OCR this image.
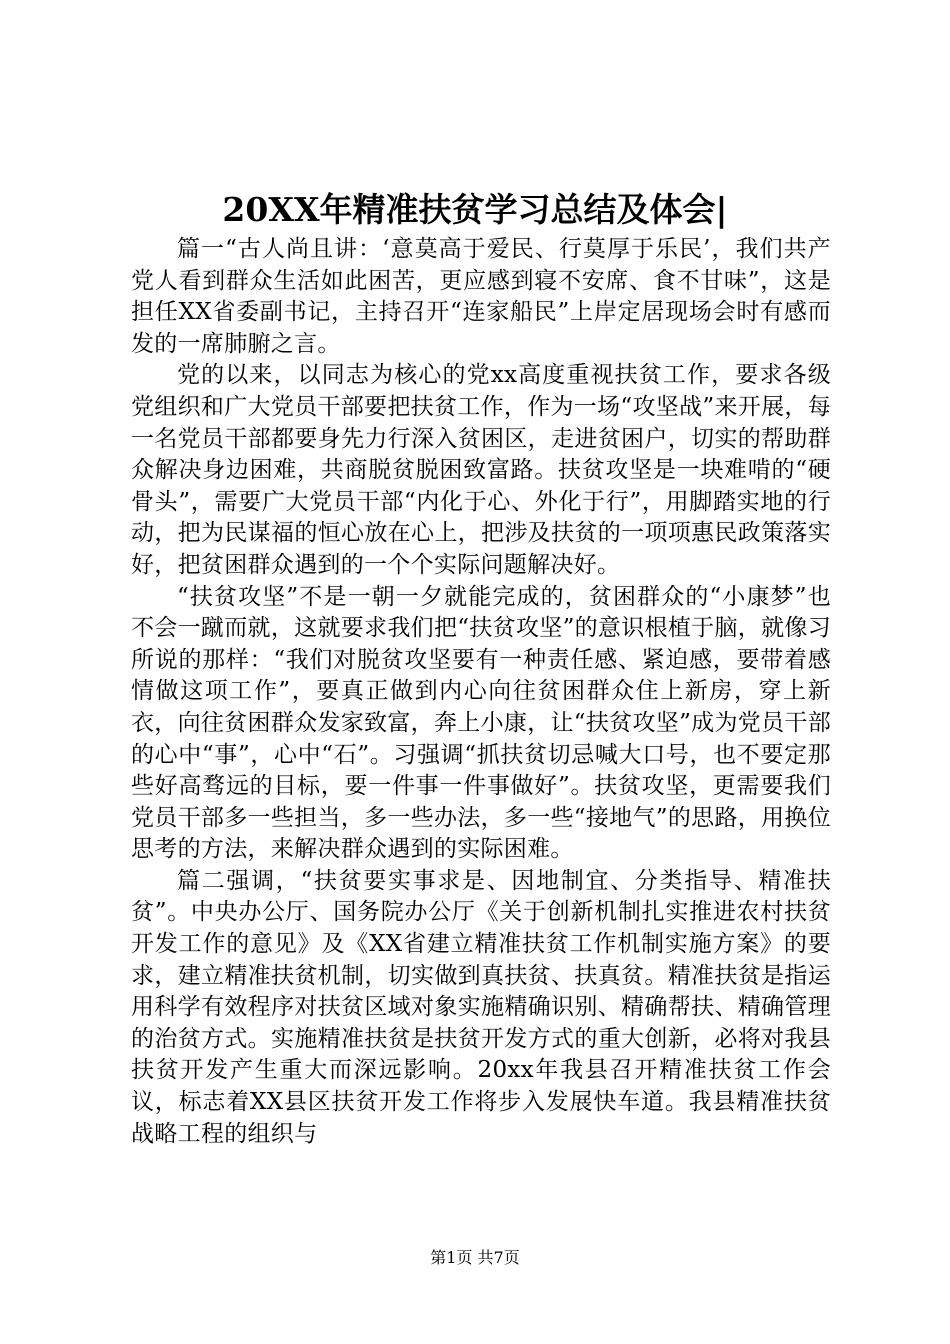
20XX年精准扶贫学习总结及体会|

篇一“古人尚且讲：‘意莫高于爱民、行莫厚于乐民’，我们共产党人看到群众生活如此困苦，更应感到寝不安席、食不甘味”，这是担任XX省委副书记，主持召开“连家船民”上岸定居现场会时有感而发的一席肺腑之言。

党的以来，以同志为核心的党xx高度重视扶贫工作，要求各级党组织和广大党员干部要把扶贫工作，作为一场“攻坚战”来开展，每一名党员干部都要身先力行深入贫困区，走进贫困户，切实的帮助群众解决身边困难，共商脱贫脱困致富路。扶贫攻坚是一块难啃的“硬骨头”，需要广大党员干部“内化于心、外化于行”，用脚踏实地的行动，把为民谋福的恒心放在心上，把涉及扶贫的一项项惠民政策落实好，把贫困群众遇到的一个个实际问题解决好。

“扶贫攻坚”不是一朝一夕就能完成的，贫困群众的“小康梦”也不会一蹴而就，这就要求我们把“扶贫攻坚”的意识根植于脑，就像习所说的那样：“我们对脱贫攻坚要有一种责任感、紧迫感，要带着感情做这项工作”，要真正做到内心向往贫困群众住上新房，穿上新衣，向往贫困群众发家致富，奔上小康，让“扶贫攻坚”成为党员干部的心中“事”，心中“石”。习强调“抓扶贫切忌喊大口号，也不要定那些好高骛远的目标，要一件事一件事做好”。扶贫攻坚，更需要我们党员干部多一些担当，多一些办法，多一些“接地气”的思路，用换位思考的方法，来解决群众遇到的实际困难。

篇二强调，“扶贫要实事求是、因地制宜、分类指导、精准扶贫”。中央办公厅、国务院办公厅《关于创新机制扎实推进农村扶贫开发工作的意见》及《XX省建立精准扶贫工作机制实施方案》的要求，建立精准扶贫机制，切实做到真扶贫、扶真贫。精准扶贫是指运用科学有效程序对扶贫区域对象实施精确识别、精确帮扶、精确管理的治贫方式。实施精准扶贫是扶贫开发方式的重大创新，必将对我县扶贫开发产生重大而深远影响。20xx年我县召开精准扶贫工作会议，标志着XX县区扶贫开发工作将步入发展快车道。我县精准扶贫战略工程的组织与

第1页 共7页
